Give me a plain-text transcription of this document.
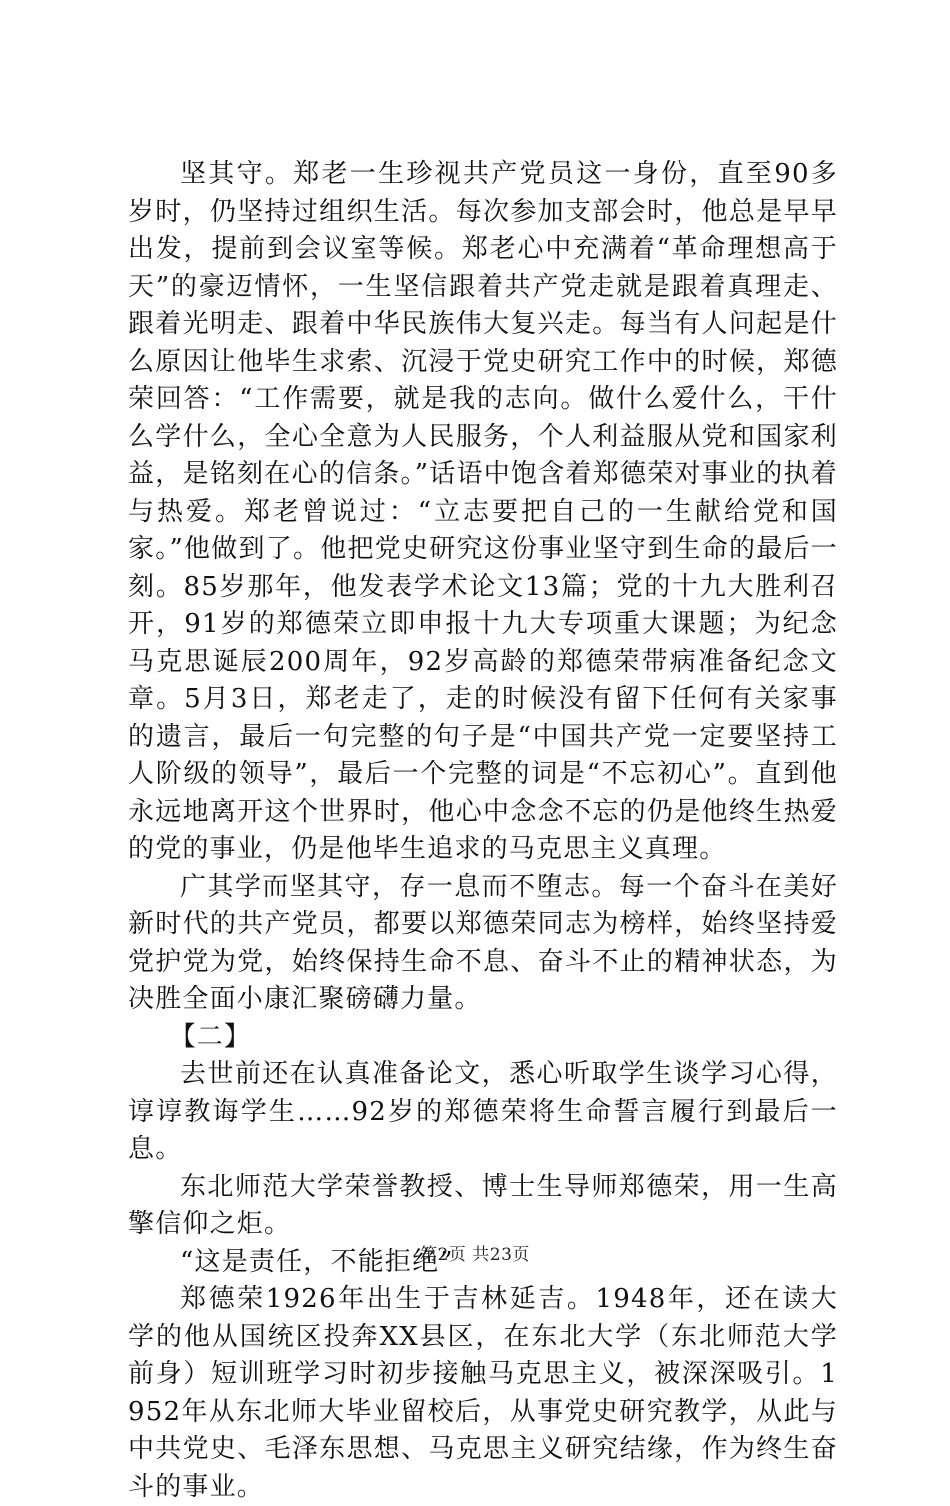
坚其守。郑老一生珍视共产党员这一身份，直至90多岁时，仍坚持过组织生活。每次参加支部会时，他总是早早出发，提前到会议室等候。郑老心中充满着“革命理想高于天”的豪迈情怀，一生坚信跟着共产党走就是跟着真理走、跟着光明走、跟着中华民族伟大复兴走。每当有人问起是什么原因让他毕生求索、沉浸于党史研究工作中的时候，郑德荣回答：“工作需要，就是我的志向。做什么爱什么，干什么学什么，全心全意为人民服务，个人利益服从党和国家利益，是铭刻在心的信条。”话语中饱含着郑德荣对事业的执着与热爱。郑老曾说过：“立志要把自己的一生献给党和国家。”他做到了。他把党史研究这份事业坚守到生命的最后一刻。85岁那年，他发表学术论文13篇；党的十九大胜利召开，91岁的郑德荣立即申报十九大专项重大课题；为纪念马克思诞辰200周年，92岁高龄的郑德荣带病准备纪念文章。5月3日，郑老走了，走的时候没有留下任何有关家事的遗言，最后一句完整的句子是“中国共产党一定要坚持工人阶级的领导”，最后一个完整的词是“不忘初心”。直到他永远地离开这个世界时，他心中念念不忘的仍是他终生热爱的党的事业，仍是他毕生追求的马克思主义真理。

广其学而坚其守，存一息而不堕志。每一个奋斗在美好新时代的共产党员，都要以郑德荣同志为榜样，始终坚持爱党护党为党，始终保持生命不息、奋斗不止的精神状态，为决胜全面小康汇聚磅礴力量。

【二】

去世前还在认真准备论文，悉心听取学生谈学习心得，谆谆教诲学生……92岁的郑德荣将生命誓言履行到最后一息。

东北师范大学荣誉教授、博士生导师郑德荣，用一生高擎信仰之炬。

“这是责任，不能拒绝”

郑德荣1926年出生于吉林延吉。1948年，还在读大学的他从国统区投奔XX县区，在东北大学（东北师范大学前身）短训班学习时初步接触马克思主义，被深深吸引。1952年从东北师大毕业留校后，从事党史研究教学，从此与中共党史、毛泽东思想、马克思主义研究结缘，作为终生奋斗的事业。

第2页 共23页
